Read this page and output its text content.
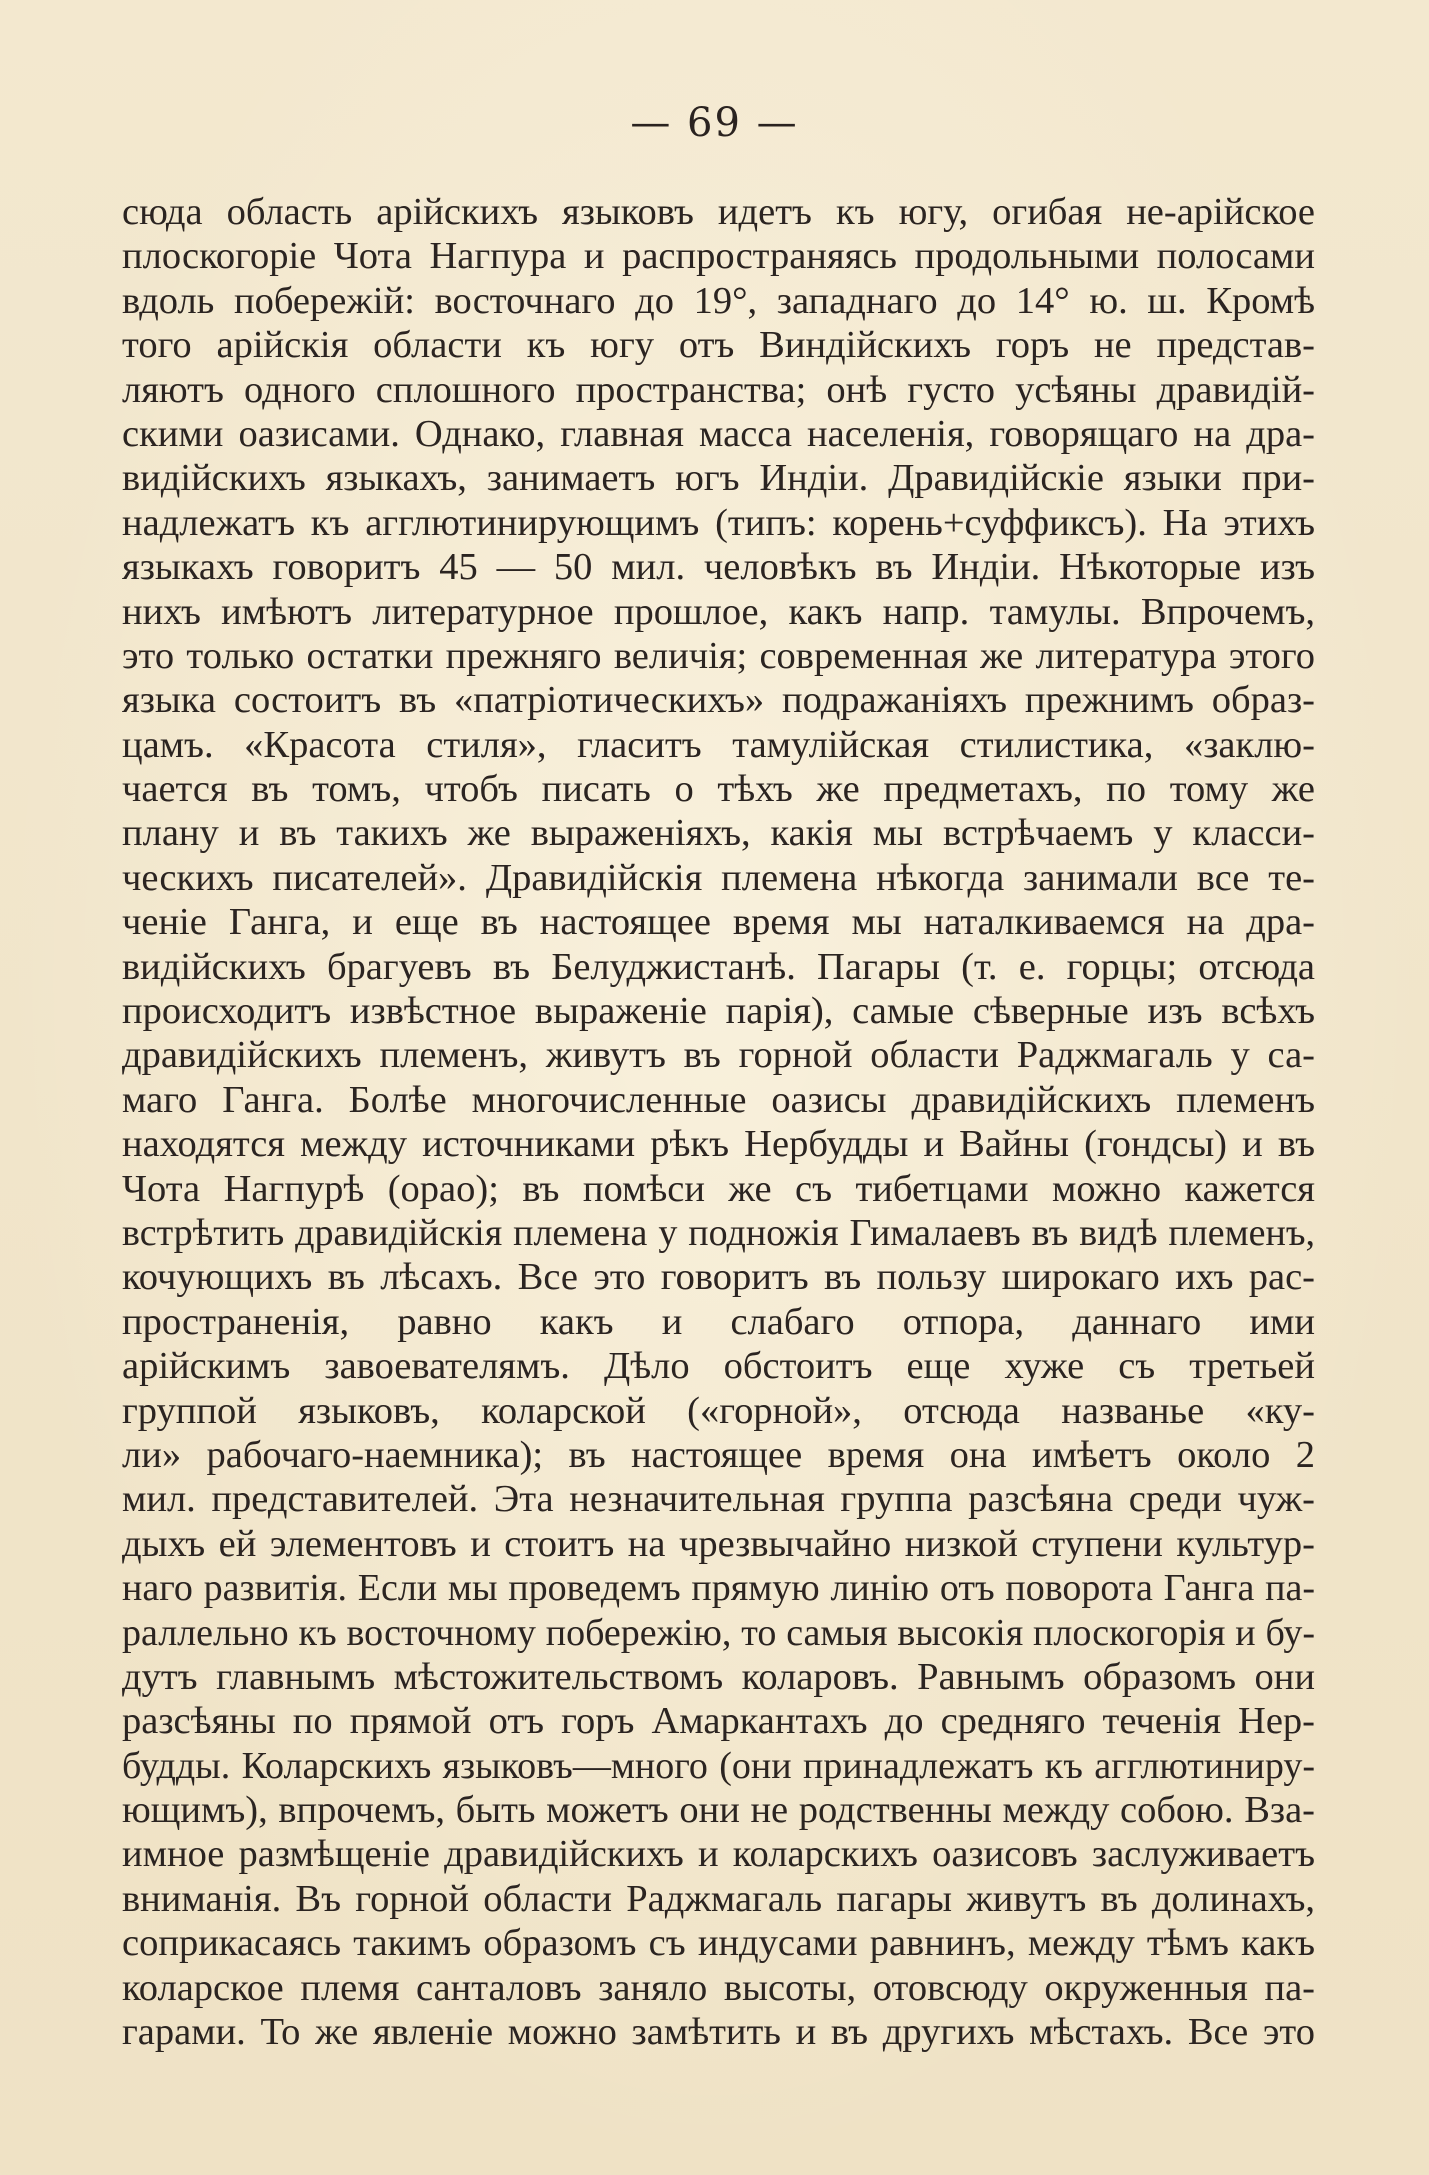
— 69 —
сюда область арійскихъ языковъ идетъ къ югу, огибая не-арійское
плоскогоріе Чота Нагпура и распространяясь продольными полосами
вдоль побережій: восточнаго до 19°, западнаго до 14° ю. ш. Кромѣ
того арійскія области къ югу отъ Виндійскихъ горъ не представ-
ляютъ одного сплошного пространства; онѣ густо усѣяны дравидій-
скими оазисами. Однако, главная масса населенія, говорящаго на дра-
видійскихъ языкахъ, занимаетъ югъ Индіи. Дравидійскіе языки при-
надлежатъ къ агглютинирующимъ (типъ: корень+суффиксъ). На этихъ
языкахъ говоритъ 45 — 50 мил. человѣкъ въ Индіи. Нѣкоторые изъ
нихъ имѣютъ литературное прошлое, какъ напр. тамулы. Впрочемъ,
это только остатки прежняго величія; современная же литература этого
языка состоитъ въ «патріотическихъ» подражаніяхъ прежнимъ образ-
цамъ. «Красота стиля», гласитъ тамулійская стилистика, «заклю-
чается въ томъ, чтобъ писать о тѣхъ же предметахъ, по тому же
плану и въ такихъ же выраженіяхъ, какія мы встрѣчаемъ у класси-
ческихъ писателей». Дравидійскія племена нѣкогда занимали все те-
ченіе Ганга, и еще въ настоящее время мы наталкиваемся на дра-
видійскихъ брагуевъ въ Белуджистанѣ. Пагары (т. е. горцы; отсюда
происходитъ извѣстное выраженіе парія), самые сѣверные изъ всѣхъ
дравидійскихъ племенъ, живутъ въ горной области Раджмагаль у са-
маго Ганга. Болѣе многочисленные оазисы дравидійскихъ племенъ
находятся между источниками рѣкъ Нербудды и Вайны (гондсы) и въ
Чота Нагпурѣ (орао); въ помѣси же съ тибетцами можно кажется
встрѣтить дравидійскія племена у подножія Гималаевъ въ видѣ племенъ,
кочующихъ въ лѣсахъ. Все это говоритъ въ пользу широкаго ихъ рас-
пространенія, равно какъ и слабаго отпора, даннаго ими
арійскимъ завоевателямъ. Дѣло обстоитъ еще хуже съ третьей
группой языковъ, коларской («горной», отсюда названье «ку-
ли» рабочаго-наемника); въ настоящее время она имѣетъ около 2
мил. представителей. Эта незначительная группа разсѣяна среди чуж-
дыхъ ей элементовъ и стоитъ на чрезвычайно низкой ступени культур-
наго развитія. Если мы проведемъ прямую линію отъ поворота Ганга па-
раллельно къ восточному побережію, то самыя высокія плоскогорія и бу-
дутъ главнымъ мѣстожительствомъ коларовъ. Равнымъ образомъ они
разсѣяны по прямой отъ горъ Амаркантахъ до средняго теченія Нер-
будды. Коларскихъ языковъ—много (они принадлежатъ къ агглютиниру-
ющимъ), впрочемъ, быть можетъ они не родственны между собою. Вза-
имное размѣщеніе дравидійскихъ и коларскихъ оазисовъ заслуживаетъ
вниманія. Въ горной области Раджмагаль пагары живутъ въ долинахъ,
соприкасаясь такимъ образомъ съ индусами равнинъ, между тѣмъ какъ
коларское племя санталовъ заняло высоты, отовсюду окруженныя па-
гарами. То же явленіе можно замѣтить и въ другихъ мѣстахъ. Все это
